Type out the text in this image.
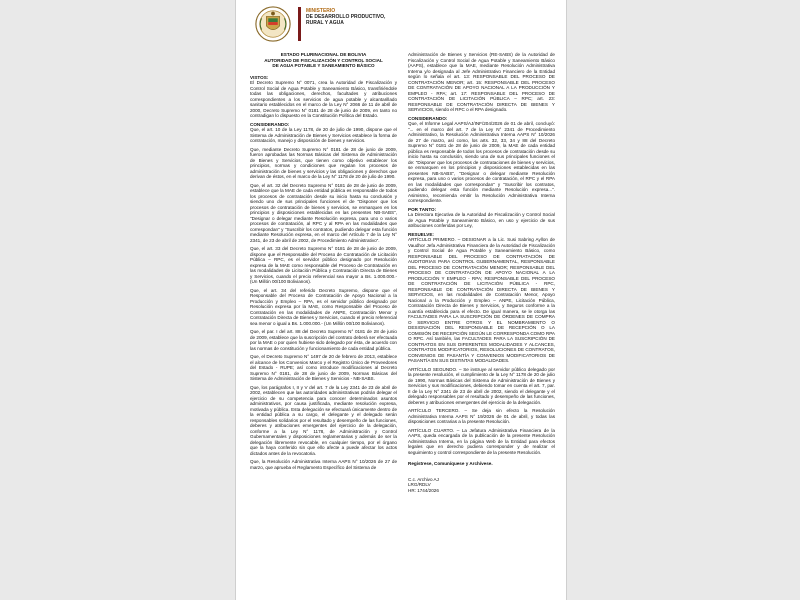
MINISTERIO
DE DESARROLLO PRODUCTIVO,
RURAL Y AGUA
ESTADO PLURINACIONAL DE BOLIVIA
AUTORIDAD DE FISCALIZACIÓN Y CONTROL SOCIAL
DE AGUA POTABLE Y SANEAMIENTO BÁSICO
VISTOS:

El Decreto Supremo N° 0071, crea la Autoridad de Fiscalización y Control Social de Agua Potable y Saneamiento Básico, transfiriéndole todas las obligaciones, derechos, facultades y atribuciones correspondientes a los servicios de agua potable y alcantarillado sanitario establecidos en el marco de la Ley N° 2066 de 11 de abril de 2000, Decreto Supremo N° 0181 de 28 de junio de 2009, en tanto no contradigan lo dispuesto en la Constitución Política del Estado.

CONSIDERANDO:

Que, el art. 10 de la Ley 1178, de 20 de julio de 1990, dispone que el Sistema de Administración de Bienes y Servicios establece la forma de contratación, manejo y disposición de bienes y servicios.

Que, mediante Decreto Supremo N° 0181 de 28 de junio de 2009, fueron aprobadas las Normas Básicas del Sistema de Administración de Bienes y Servicios, que tienen como objetivo establecer los principios, normas y condiciones que regulan los procesos de administración de bienes y servicios y las obligaciones y derechos que derivan de éstos, en el marco de la Ley N° 1178 de 20 de julio de 1990.

Que, el art. 32 del Decreto Supremo N° 0181 de 28 de junio de 2009, establece que la MAE de cada entidad pública es responsable de todos los procesos de contratación desde su inicio hasta su conclusión y siendo uno de sus principales funciones el de "Disponer que los procesos de contratación de bienes y servicios, se enmarquen en los principios y disposiciones establecidas en las presentes NB-SABS", "Designar o delegar mediante Resolución expresa, para uno o varios procesos de contratación, al RPC y al RPA en las modalidades que correspondan" y "Suscribir los contratos, pudiendo delegar esta función mediante Resolución expresa, en el marco del Artículo 7 de la Ley N° 2341, de 23 de abril de 2002, de Procedimiento Administrativo".

Que, el art. 33 del Decreto Supremo N° 0181 de 28 de junio de 2009, dispone que el Responsable del Proceso de Contratación de Licitación Pública – RPC, es el servidor público designado por Resolución expresa de la MAE como responsable del Proceso de Contratación en las modalidades de Licitación Pública y Contratación Directa de Bienes y Servicios, cuando el precio referencial sea mayor a Bs. 1.000.000.- (Un Millón 00/100 Bolivianos).

Que, el art. 34 del referido Decreto Supremo, dispone que el Responsable del Proceso de Contratación de Apoyo Nacional a la Producción y Empleo – RPA, es el servidor público designado por Resolución expresa por la MAE, como Responsable del Proceso de Contratación en las modalidades de ANPE, Contratación Menor y Contratación Directa de Bienes y Servicios, cuando el precio referencial sea menor o igual a Bs. 1.000.000.- (Un Millón 00/100 Bolivianos).

Que, el par. I del art. 88 del Decreto Supremo N° 0181 de 28 de junio de 2009, establece que la suscripción del contrato deberá ser efectuada por la MAE o por quien hubiese sido delegado por ésta, de acuerdo con las normas de constitución y funcionamiento de cada entidad pública.

Que, el Decreto Supremo N° 1497 de 20 de febrero de 2013, establece el alcance de los Convenios Marco y el Registro Único de Proveedores del Estado - RUPE; así como introduce modificaciones al Decreto Supremo N° 0181, de 28 de junio de 2009, Normas Básicas del Sistema de Administración de Bienes y Servicios - NB-SABS.

Que, los parágrafos I, II y V del art. 7 de la Ley 2341 de 23 de abril de 2002, establecen que las autoridades administrativas podrán delegar el ejercicio de su competencia para conocer determinados asuntos administrativos, por causa justificada, mediante resolución expresa, motivada y pública. Esta delegación se efectuará únicamente dentro de la entidad pública a su cargo, el delegante y el delegado serán responsables solidarios por el resultado y desempeño de las funciones, deberes y atribuciones emergentes del ejercicio de la delegación, conforme a la Ley N° 1178, de Administración y Control Gubernamentales y disposiciones reglamentarias y además de ser la delegación libremente revocable, en cualquier tiempo, por el órgano que la haya conferido sin que ello afecte a puede afectar los actos dictados antes de la revocatoria.

Que, la Resolución Administrativa Interna AAPS N° 10/2026 de 27 de marzo, que aprueba el Reglamento Específico del Sistema de

Administración de Bienes y Servicios (RE-SABS) de la Autoridad de Fiscalización y Control Social de Agua Potable y Saneamiento Básico (AAPS), establece que la MAE, mediante Resolución Administrativa Interna y/o designada al Jefe Administrativo Financiero de la Entidad según lo señala el art. 13: RESPONSABLE DEL PROCESO DE CONTRATACIÓN MENOR; art. 15: RESPONSABLE DEL PROCESO DE CONTRATACIÓN DE APOYO NACIONAL A LA PRODUCCIÓN Y EMPLEO - RPA; art. 17: RESPONSABLE DEL PROCESO DE CONTRATACIÓN DE LICITACIÓN PÚBLICA – RPC; art. 23: RESPONSABLE DE CONTRATACIÓN DIRECTA DE BIENES Y SERVICIOS, siendo el RPC o el RPA designado.

CONSIDERANDO:

Que, el Informe Legal AAPS/AJ/INF/204/2026 de 01 de abril, concluyó: "... en el marco del art. 7 de la Ley N° 2341 de Procedimiento Administrativo, la Resolución Administrativa Interna AAPS N° 10/2026 de 27 de marzo, así como, los arts. 32, 33, 34 y 88 del Decreto Supremo N° 0181 de 28 de junio de 2009, la MAE de cada entidad pública es responsable de todos los procesos de contratación desde su inicio hasta su conclusión, siendo una de sus principales funciones el de: "Disponer que los procesos de contrataciones de bienes y servicios, se enmarquen en los principios y disposiciones establecidas en las presentes NB-SABS", "Designar o delegar mediante Resolución expresa, para uno o varios procesos de contratación, el RPC y el RPA en las modalidades que correspondan" y "Suscribir los contratos, pudiendo delegar esta función mediante Resolución expresa...". Asimismo, recomienda emitir la Resolución Administrativa Interna correspondiente.

POR TANTO:

La Directora Ejecutiva de la Autoridad de Fiscalización y Control Social de Agua Potable y Saneamiento Básico, en uso y ejercicio de sus atribuciones conferidas por Ley,

RESUELVE:

ARTÍCULO PRIMERO. – DESIGNAR a la Lic. Susi Sabring Ayllon de Vaudhor Jefa Administrativa Financiera de la Autoridad de Fiscalización y Control Social de Agua Potable y Saneamiento Básico, como RESPONSABLE DEL PROCESO DE CONTRATACIÓN DE AUDITORIAS PARA CONTROL GUBERNAMENTAL, RESPONSABLE DEL PROCESO DE CONTRATACIÓN MENOR; RESPONSABLE DEL PROCESO DE CONTRATACIÓN DE APOYO NACIONAL A LA PRODUCCIÓN Y EMPLEO - RPA; RESPONSABLE DEL PROCESO DE CONTRATACIÓN DE LICITACIÓN PÚBLICA - RPC, RESPONSABLE DE CONTRATACIÓN DIRECTA DE BIENES Y SERVICIOS, en las modalidades de Contratación Menor, Apoyo Nacional a la Producción y Empleo – ANPE, Licitación Pública, Contratación Directa de Bienes y Servicios, y Seguros conforme a la cuantía establecida para el efecto. De igual manera, se le otorga las FACULTADES PARA LA SUSCRIPCIÓN DE ÓRDENES DE COMPRA O SERVICIO ENTRE OTROS Y EL NOMBRAMIENTO O DESIGNACIÓN DEL RESPONSABLE DE RECEPCIÓN O LA COMISIÓN DE RECEPCIÓN SEGÚN LE CORRESPONDA COMO RPA O RPC. Así también, las FACULTADES PARA LA SUSCRIPCIÓN DE CONTRATOS EN SUS DIFERENTES MODALIDADES Y ALCANCES, CONTRATOS MODIFICATORIOS, RESOLUCIONES DE CONTRATOS, CONVENIOS DE PASANTÍA Y CONVENIOS MODIFICATORIOS DE PASANTÍA EN SUS DISTINTAS MODALIDADES.

ARTÍCULO SEGUNDO. – Se instruye al servidor público delegado por la presente resolución, el cumplimiento de la Ley N° 1178 de 20 de julio de 1990, Normas Básicas del Sistema de Administración de Bienes y Servicios y sus modificaciones, debiendo tomar en cuenta el art. 7, par. II de la Ley N° 2341 de 23 de abril de 2002, siendo el delegante y el delegado responsables por el resultado y desempeño de las funciones, deberes y atribuciones emergentes del ejercicio de la delegación.

ARTÍCULO TERCERO. – Se deja sin efecto la Resolución Administrativa Interna AAPS N° 19/2026 de 01 de abril, y todas las disposiciones contrarias a la presente Resolución.

ARTÍCULO CUARTO. – La Jefatura Administrativa Financiera de la AAPS, queda encargada de la publicación de la presente Resolución Administrativa Interna, en la página Web de la Entidad para efectos legales que en derecho pudiera corresponder y de realizar el seguimiento y control correspondiente de la presente Resolución.

Regístrese, Comuníquese y Archívese.
C.c. Archivo AJ
LRG/RDLV
HR: 1744/2026
